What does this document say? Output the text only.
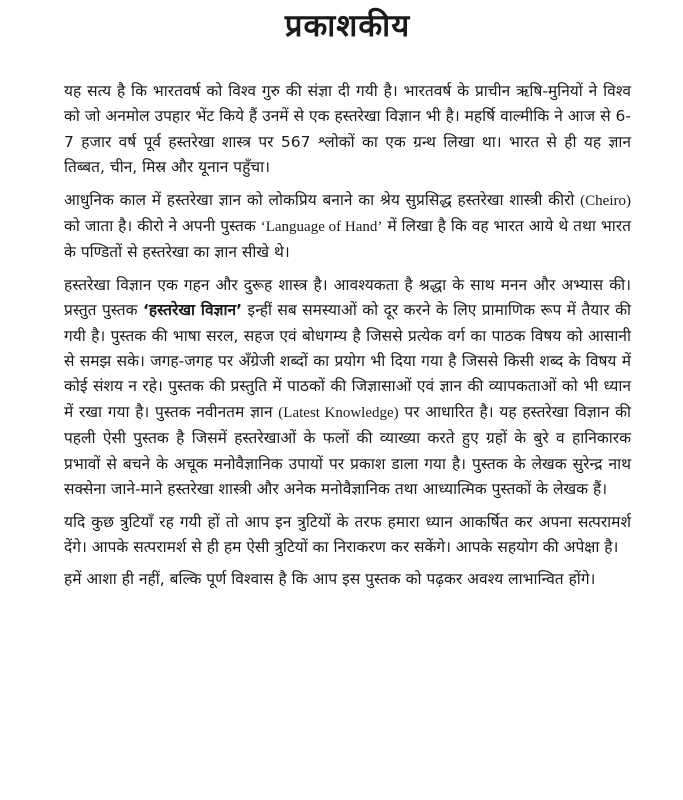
प्रकाशकीय

यह सत्य है कि भारतवर्ष को विश्व गुरु की संज्ञा दी गयी है। भारतवर्ष के प्राचीन ऋषि-मुनियों ने विश्व को जो अनमोल उपहार भेंट किये हैं उनमें से एक हस्तरेखा विज्ञान भी है। महर्षि वाल्मीकि ने आज से 6-7 हजार वर्ष पूर्व हस्तरेखा शास्त्र पर 567 श्लोकों का एक ग्रन्थ लिखा था। भारत से ही यह ज्ञान तिब्बत, चीन, मिस्र और यूनान पहुँचा।

आधुनिक काल में हस्तरेखा ज्ञान को लोकप्रिय बनाने का श्रेय सुप्रसिद्ध हस्तरेखा शास्त्री कीरो (Cheiro) को जाता है। कीरो ने अपनी पुस्तक ‘Language of Hand’ में लिखा है कि वह भारत आये थे तथा भारत के पण्डितों से हस्तरेखा का ज्ञान सीखे थे।

हस्तरेखा विज्ञान एक गहन और दुरूह शास्त्र है। आवश्यकता है श्रद्धा के साथ मनन और अभ्यास की। प्रस्तुत पुस्तक ‘हस्तरेखा विज्ञान’ इन्हीं सब समस्याओं को दूर करने के लिए प्रामाणिक रूप में तैयार की गयी है। पुस्तक की भाषा सरल, सहज एवं बोधगम्य है जिससे प्रत्येक वर्ग का पाठक विषय को आसानी से समझ सके। जगह-जगह पर अँग्रेजी शब्दों का प्रयोग भी दिया गया है जिससे किसी शब्द के विषय में कोई संशय न रहे। पुस्तक की प्रस्तुति में पाठकों की जिज्ञासाओं एवं ज्ञान की व्यापकताओं को भी ध्यान में रखा गया है। पुस्तक नवीनतम ज्ञान (Latest Knowledge) पर आधारित है। यह हस्तरेखा विज्ञान की पहली ऐसी पुस्तक है जिसमें हस्तरेखाओं के फलों की व्याख्या करते हुए ग्रहों के बुरे व हानिकारक प्रभावों से बचने के अचूक मनोवैज्ञानिक उपायों पर प्रकाश डाला गया है। पुस्तक के लेखक सुरेन्द्र नाथ सक्सेना जाने-माने हस्तरेखा शास्त्री और अनेक मनोवैज्ञानिक तथा आध्यात्मिक पुस्तकों के लेखक हैं।

यदि कुछ त्रुटियाँ रह गयी हों तो आप इन त्रुटियों के तरफ हमारा ध्यान आकर्षित कर अपना सत्परामर्श देंगे। आपके सत्परामर्श से ही हम ऐसी त्रुटियों का निराकरण कर सकेंगे। आपके सहयोग की अपेक्षा है।

हमें आशा ही नहीं, बल्कि पूर्ण विश्वास है कि आप इस पुस्तक को पढ़कर अवश्य लाभान्वित होंगे।
